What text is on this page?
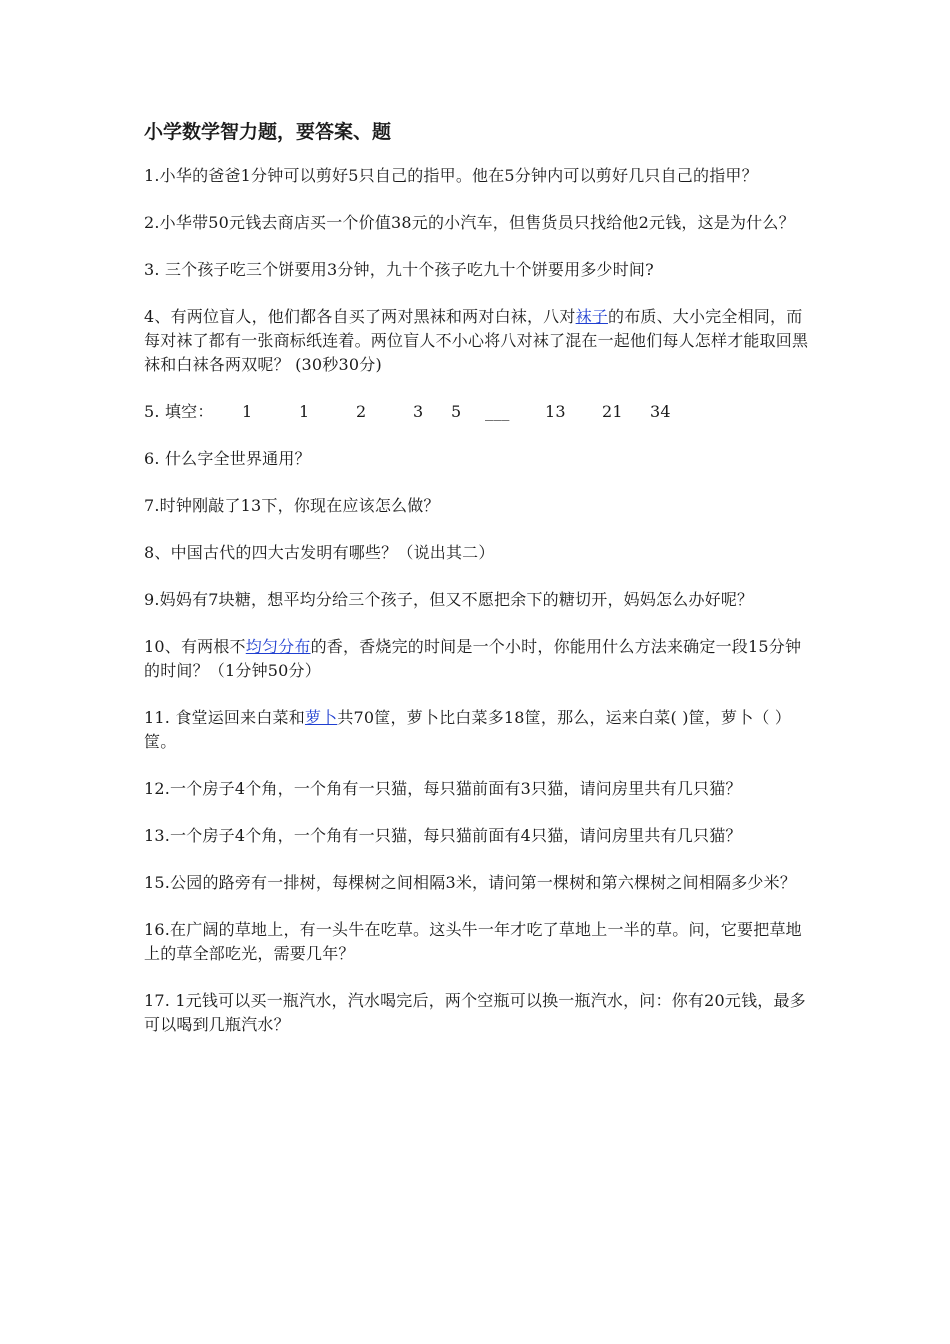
小学数学智力题，要答案、题

1.小华的爸爸1分钟可以剪好5只自己的指甲。他在5分钟内可以剪好几只自己的指甲？

2.小华带50元钱去商店买一个价值38元的小汽车，但售货员只找给他2元钱，这是为什么？

3. 三个孩子吃三个饼要用3分钟，九十个孩子吃九十个饼要用多少时间?

4、有两位盲人，他们都各自买了两对黑袜和两对白袜，八对袜子的布质、大小完全相同，而每对袜了都有一张商标纸连着。两位盲人不小心将八对袜了混在一起他们每人怎样才能取回黑袜和白袜各两双呢？ (30秒30分)

5. 填空： 1	1	2	3 5 ___ 13 21 34

6. 什么字全世界通用？

7.时钟刚敲了13下，你现在应该怎么做？

8、中国古代的四大古发明有哪些？（说出其二）

9.妈妈有7块糖，想平均分给三个孩子，但又不愿把余下的糖切开，妈妈怎么办好呢？

10、有两根不均匀分布的香，香烧完的时间是一个小时，你能用什么方法来确定一段15分钟的时间？（1分钟50分）

11. 食堂运回来白菜和萝卜共70筐，萝卜比白菜多18筐，那么，运来白菜( )筐，萝卜（ ）筐。

12.一个房子4个角，一个角有一只猫，每只猫前面有3只猫，请问房里共有几只猫？

13.一个房子4个角，一个角有一只猫，每只猫前面有4只猫，请问房里共有几只猫？

15.公园的路旁有一排树，每棵树之间相隔3米，请问第一棵树和第六棵树之间相隔多少米？

16.在广阔的草地上，有一头牛在吃草。这头牛一年才吃了草地上一半的草。问，它要把草地上的草全部吃光，需要几年？

17. 1元钱可以买一瓶汽水，汽水喝完后，两个空瓶可以换一瓶汽水，问：你有20元钱，最多可以喝到几瓶汽水？
